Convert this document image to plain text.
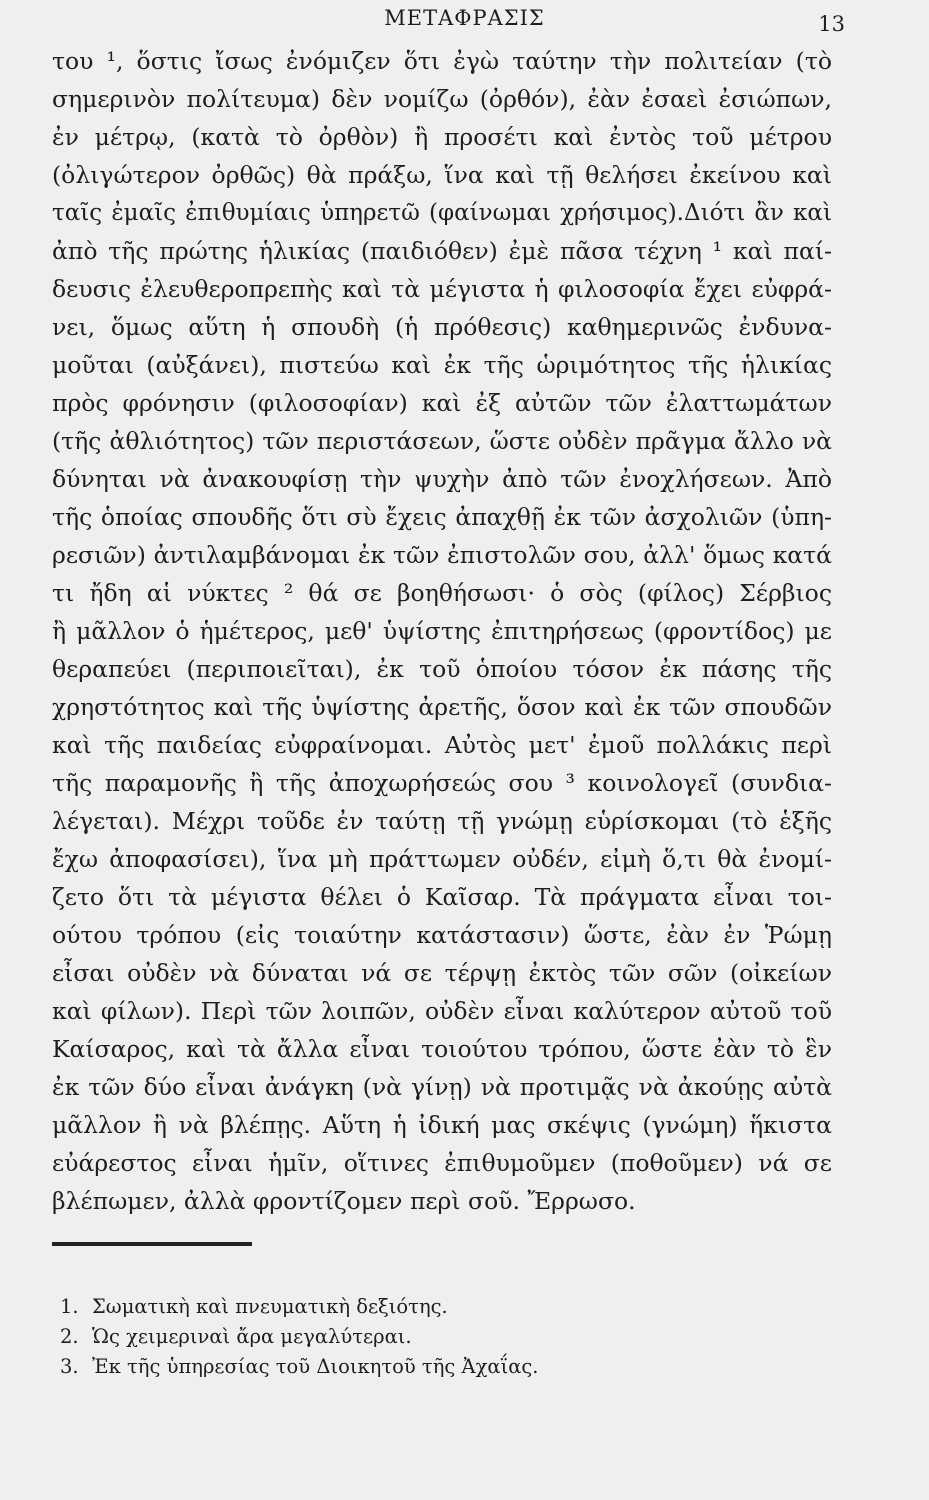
ΜΕΤΑΦΡΑΣΙΣ	13
του ¹, ὅστις ἴσως ἐνόμιζεν ὅτι ἐγὼ ταύτην τὴν πολιτείαν (τὸ
σημερινὸν πολίτευμα) δὲν νομίζω (ὀρθόν), ἐὰν ἐσαεὶ ἐσιώπων,
ἐν μέτρῳ, (κατὰ τὸ ὀρθὸν) ἢ προσέτι καὶ ἐντὸς τοῦ μέτρου
(ὀλιγώτερον ὀρθῶς) θὰ πράξω, ἵνα καὶ τῇ θελήσει ἐκείνου καὶ
ταῖς ἐμαῖς ἐπιθυμίαις ὑπηρετῶ (φαίνωμαι χρήσιμος).Διότι ἂν καὶ
ἀπὸ τῆς πρώτης ἡλικίας (παιδιόθεν) ἐμὲ πᾶσα τέχνη ¹ καὶ παί-
δευσις ἐλευθεροπρεπὴς καὶ τὰ μέγιστα ἡ φιλοσοφία ἔχει εὐφρά-
νει, ὅμως αὕτη ἡ σπουδὴ (ἡ πρόθεσις) καθημερινῶς ἐνδυνα-
μοῦται (αὐξάνει), πιστεύω καὶ ἐκ τῆς ὡριμότητος τῆς ἡλικίας
πρὸς φρόνησιν (φιλοσοφίαν) καὶ ἐξ αὐτῶν τῶν ἐλαττωμάτων
(τῆς ἀθλιότητος) τῶν περιστάσεων, ὥστε οὐδὲν πρᾶγμα ἄλλο νὰ
δύνηται νὰ ἀνακουφίσῃ τὴν ψυχὴν ἀπὸ τῶν ἐνοχλήσεων. Ἀπὸ
τῆς ὁποίας σπουδῆς ὅτι σὺ ἔχεις ἀπαχθῇ ἐκ τῶν ἀσχολιῶν (ὑπη-
ρεσιῶν) ἀντιλαμβάνομαι ἐκ τῶν ἐπιστολῶν σου, ἀλλ' ὅμως κατά
τι ἤδη αἱ νύκτες ² θά σε βοηθήσωσι· ὁ σὸς (φίλος) Σέρβιος
ἢ μᾶλλον ὁ ἡμέτερος, μεθ' ὑψίστης ἐπιτηρήσεως (φροντίδος) με
θεραπεύει (περιποιεῖται), ἐκ τοῦ ὁποίου τόσον ἐκ πάσης τῆς
χρηστότητος καὶ τῆς ὑψίστης ἀρετῆς, ὅσον καὶ ἐκ τῶν σπουδῶν
καὶ τῆς παιδείας εὐφραίνομαι. Αὐτὸς μετ' ἐμοῦ πολλάκις περὶ
τῆς παραμονῆς ἢ τῆς ἀποχωρήσεώς σου ³ κοινολογεῖ (συνδια-
λέγεται). Μέχρι τοῦδε ἐν ταύτῃ τῇ γνώμῃ εὑρίσκομαι (τὸ ἑξῆς
ἔχω ἀποφασίσει), ἵνα μὴ πράττωμεν οὐδέν, εἰμὴ ὅ,τι θὰ ἐνομί-
ζετο ὅτι τὰ μέγιστα θέλει ὁ Καῖσαρ. Τὰ πράγματα εἶναι τοι-
ούτου τρόπου (εἰς τοιαύτην κατάστασιν) ὥστε, ἐὰν ἐν Ῥώμῃ
εἶσαι οὐδὲν νὰ δύναται νά σε τέρψῃ ἐκτὸς τῶν σῶν (οἰκείων
καὶ φίλων). Περὶ τῶν λοιπῶν, οὐδὲν εἶναι καλύτερον αὐτοῦ τοῦ
Καίσαρος, καὶ τὰ ἄλλα εἶναι τοιούτου τρόπου, ὥστε ἐὰν τὸ ἓν
ἐκ τῶν δύο εἶναι ἀνάγκη (νὰ γίνῃ) νὰ προτιμᾷς νὰ ἀκούῃς αὐτὰ
μᾶλλον ἢ νὰ βλέπῃς. Αὕτη ἡ ἰδική μας σκέψις (γνώμη) ἥκιστα
εὐάρεστος εἶναι ἡμῖν, οἵτινες ἐπιθυμοῦμεν (ποθοῦμεν) νά σε
βλέπωμεν, ἀλλὰ φροντίζομεν περὶ σοῦ. Ἔρρωσο.
1. Σωματικὴ καὶ πνευματικὴ δεξιότης.
2. Ὡς χειμεριναὶ ἄρα μεγαλύτεραι.
3. Ἐκ τῆς ὑπηρεσίας τοῦ Διοικητοῦ τῆς Ἀχαΐας.
